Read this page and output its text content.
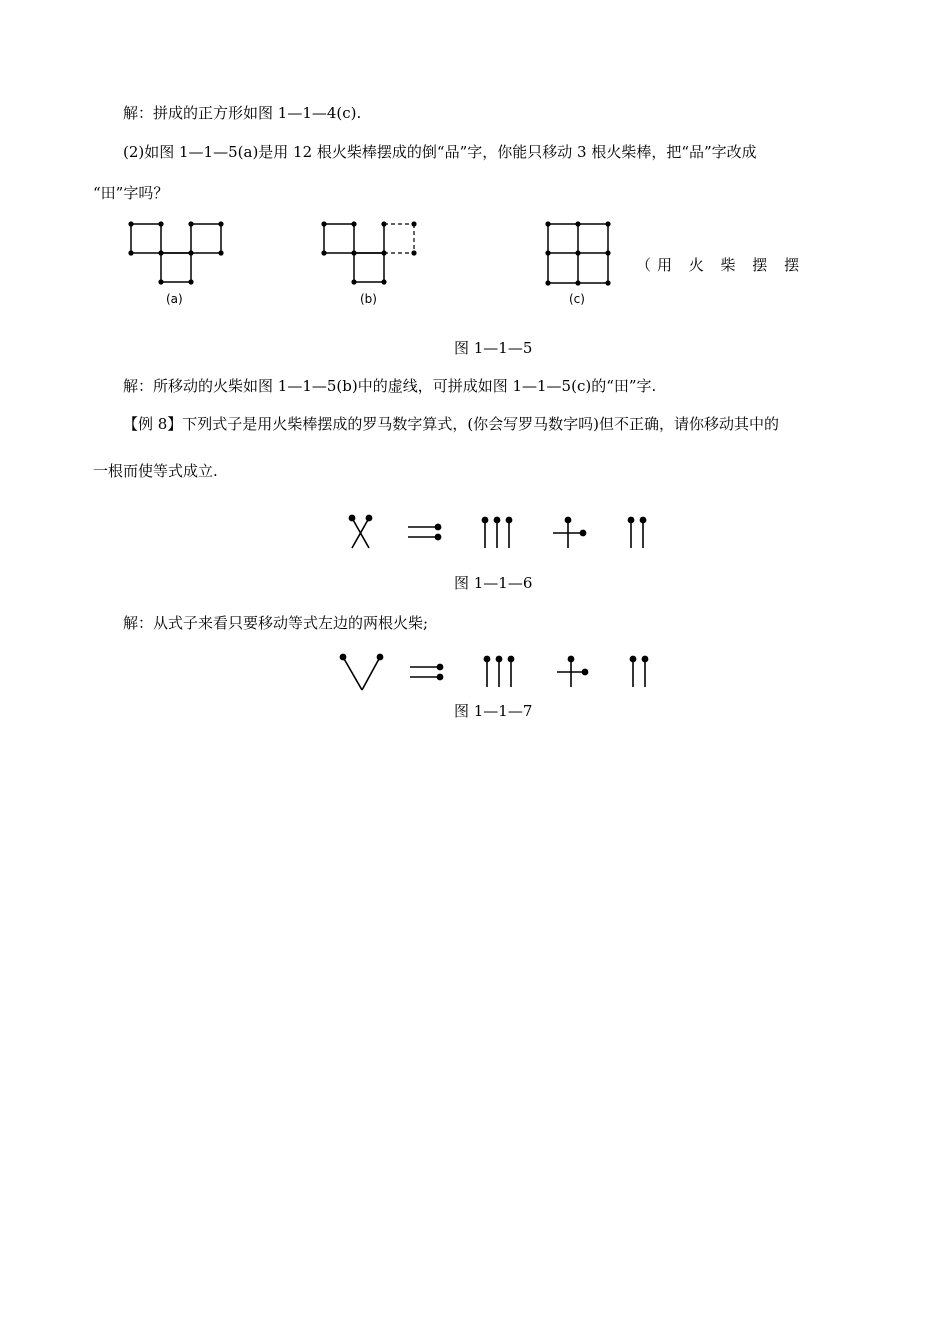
解：拼成的正方形如图 1—1—4(c).
(2)如图 1—1—5(a)是用 12 根火柴棒摆成的倒“品”字，你能只移动 3 根火柴棒，把“品”字改成
“田”字吗？
(a)	(b)	(c)
（用 火 柴 摆 摆
图 1—1—5
解：所移动的火柴如图 1—1—5(b)中的虚线，可拼成如图 1—1—5(c)的“田”字.
【例 8】下列式子是用火柴棒摆成的罗马数字算式，(你会写罗马数字吗)但不正确，请你移动其中的
一根而使等式成立.
图 1—1—6
解：从式子来看只要移动等式左边的两根火柴;
图 1—1—7
